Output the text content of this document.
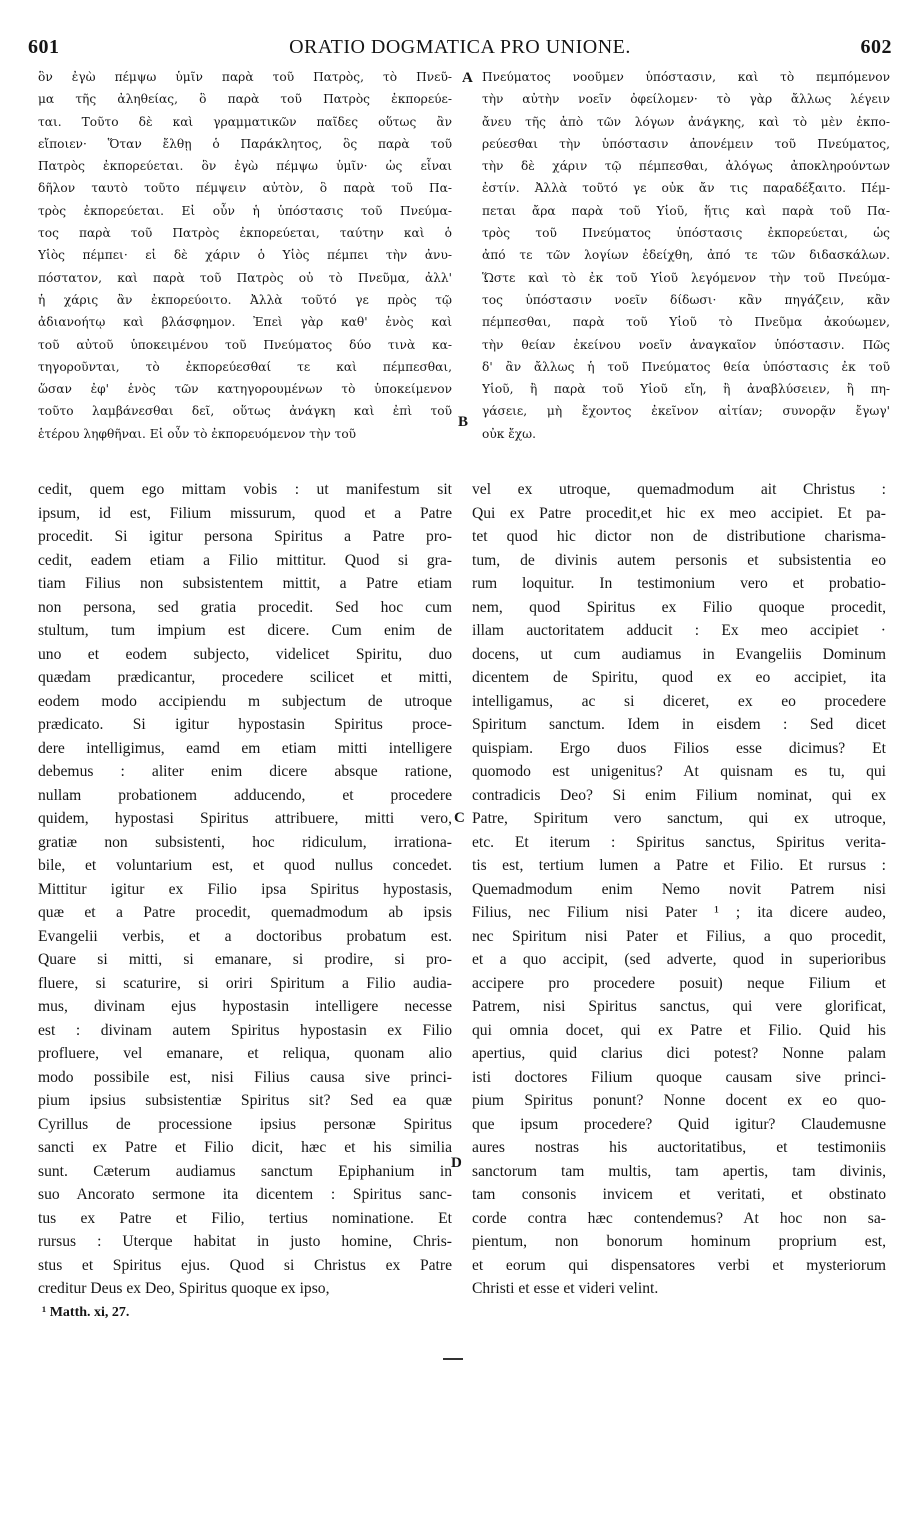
ORATIO DOGMATICA PRO UNIONE.
601	602
ὃν ἐγὼ πέμψω ὑμῖν παρὰ τοῦ Πατρὸς, τὸ Πνεῦ-
μα τῆς ἀληθείας, ὃ παρὰ τοῦ Πατρὸς ἐκπορεύε-
ται. Τοῦτο δὲ καὶ γραμματικῶν παῖδες οὕτως ἂν
εἴποιεν· Ὅταν ἔλθῃ ὁ Παράκλητος, ὃς παρὰ τοῦ
Πατρὸς ἐκπορεύεται. ὃν ἐγὼ πέμψω ὑμῖν· ὡς εἶναι
δῆλον ταυτὸ τοῦτο πέμψειν αὐτὸν, ὃ παρὰ τοῦ Πα-
τρὸς ἐκπορεύεται. Εἰ οὖν ἡ ὑπόστασις τοῦ Πνεύμα-
τος παρὰ τοῦ Πατρὸς ἐκπορεύεται, ταύτην καὶ ὁ
Υἱὸς πέμπει· εἰ δὲ χάριν ὁ Υἱὸς πέμπει τὴν ἀνυ-
πόστατον, καὶ παρὰ τοῦ Πατρὸς οὐ τὸ Πνεῦμα, ἀλλ'
ἡ χάρις ἂν ἐκπορεύοιτο. Ἀλλὰ τοῦτό γε πρὸς τῷ
ἀδιανοήτῳ καὶ βλάσφημον. Ἐπεὶ γὰρ καθ' ἑνὸς καὶ
τοῦ αὐτοῦ ὑποκειμένου τοῦ Πνεύματος δύο τινὰ κα-
τηγοροῦνται, τὸ ἐκπορεύεσθαί τε καὶ πέμπεσθαι,
ὥσαν ἐφ' ἑνὸς τῶν κατηγορουμένων τὸ ὑποκείμενον
τοῦτο λαμβάνεσθαι δεῖ, οὕτως ἀνάγκη καὶ ἐπὶ τοῦ
ἑτέρου ληφθῆναι. Εἰ οὖν τὸ ἐκπορευόμενον τὴν τοῦ
Πνεύματος νοοῦμεν ὑπόστασιν, καὶ τὸ πεμπόμενον
τὴν αὐτὴν νοεῖν ὀφείλομεν· τὸ γὰρ ἄλλως λέγειν
ἄνευ τῆς ἀπὸ τῶν λόγων ἀνάγκης, καὶ τὸ μὲν ἐκπο-
ρεύεσθαι τὴν ὑπόστασιν ἀπονέμειν τοῦ Πνεύματος,
τὴν δὲ χάριν τῷ πέμπεσθαι, ἀλόγως ἀποκληρούντων
ἐστίν. Ἀλλὰ τοῦτό γε οὐκ ἄν τις παραδέξαιτο. Πέμ-
πεται ἄρα παρὰ τοῦ Υἱοῦ, ἥτις καὶ παρὰ τοῦ Πα-
τρὸς τοῦ Πνεύματος ὑπόστασις ἐκπορεύεται, ὡς
ἀπό τε τῶν λογίων ἐδείχθη, ἀπό τε τῶν διδασκάλων.
Ὥστε καὶ τὸ ἐκ τοῦ Υἱοῦ λεγόμενον τὴν τοῦ Πνεύμα-
τος ὑπόστασιν νοεῖν δίδωσι· κἂν πηγάζειν, κἂν
πέμπεσθαι, παρὰ τοῦ Υἱοῦ τὸ Πνεῦμα ἀκούωμεν,
τὴν θείαν ἐκείνου νοεῖν ἀναγκαῖον ὑπόστασιν. Πῶς
δ' ἂν ἄλλως ἡ τοῦ Πνεύματος θεία ὑπόστασις ἐκ τοῦ
Υἱοῦ, ἢ παρὰ τοῦ Υἱοῦ εἴη, ἢ ἀναβλύσειεν, ἢ πη-
γάσειε, μὴ ἔχοντος ἐκεῖνον αἰτίαν; συνορᾷν ἔγωγ'
οὐκ ἔχω.
cedit, quem ego mittam vobis : ut manifestum sit
ipsum, id est, Filium missurum, quod et a Patre
procedit. Si igitur persona Spiritus a Patre pro-
cedit, eadem etiam a Filio mittitur. Quod si gra-
tiam Filius non subsistentem mittit, a Patre etiam
non persona, sed gratia procedit. Sed hoc cum
stultum, tum impium est dicere. Cum enim de
uno et eodem subjecto, videlicet Spiritu, duo
quædam prædicantur, procedere scilicet et mitti,
eodem modo accipiendu m subjectum de utroque
prædicato. Si igitur hypostasin Spiritus proce-
dere intelligimus, eamd em etiam mitti intelligere
debemus : aliter enim dicere absque ratione,
nullam probationem adducendo, et procedere
quidem, hypostasi Spiritus attribuere, mitti vero,
gratiæ non subsistenti, hoc ridiculum, irrationa-
bile, et voluntarium est, et quod nullus concedet.
Mittitur igitur ex Filio ipsa Spiritus hypostasis,
quæ et a Patre procedit, quemadmodum ab ipsis
Evangelii verbis, et a doctoribus probatum est.
Quare si mitti, si emanare, si prodire, si pro-
fluere, si scaturire, si oriri Spiritum a Filio audia-
mus, divinam ejus hypostasin intelligere necesse
est : divinam autem Spiritus hypostasin ex Filio
profluere, vel emanare, et reliqua, quonam alio
modo possibile est, nisi Filius causa sive princi-
pium ipsius subsistentiæ Spiritus sit? Sed ea quæ
Cyrillus de processione ipsius personæ Spiritus
sancti ex Patre et Filio dicit, hæc et his similia
sunt. Cæterum audiamus sanctum Epiphanium in
suo Ancorato sermone ita dicentem : Spiritus sanc-
tus ex Patre et Filio, tertius nominatione. Et
rursus : Uterque habitat in justo homine, Chris-
stus et Spiritus ejus. Quod si Christus ex Patre
creditur Deus ex Deo, Spiritus quoque ex ipso,
vel ex utroque, quemadmodum ait Christus :
Qui ex Patre procedit,et hic ex meo accipiet. Et pa-
tet quod hic dictor non de distributione charisma-
tum, de divinis autem personis et subsistentia eo
rum loquitur. In testimonium vero et probatio-
nem, quod Spiritus ex Filio quoque procedit,
illam auctoritatem adducit : Ex meo accipiet ·
docens, ut cum audiamus in Evangeliis Dominum
dicentem de Spiritu, quod ex eo accipiet, ita
intelligamus, ac si diceret, ex eo procedere
Spiritum sanctum. Idem in eisdem : Sed dicet
quispiam. Ergo duos Filios esse dicimus? Et
quomodo est unigenitus? At quisnam es tu, qui
contradicis Deo? Si enim Filium nominat, qui ex
Patre, Spiritum vero sanctum, qui ex utroque,
etc. Et iterum : Spiritus sanctus, Spiritus verita-
tis est, tertium lumen a Patre et Filio. Et rursus :
Quemadmodum enim Nemo novit Patrem nisi
Filius, nec Filium nisi Pater ¹ ; ita dicere audeo,
nec Spiritum nisi Pater et Filius, a quo procedit,
et a quo accipit, (sed adverte, quod in superioribus
accipere pro procedere posuit) neque Filium et
Patrem, nisi Spiritus sanctus, qui vere glorificat,
qui omnia docet, qui ex Patre et Filio. Quid his
apertius, quid clarius dici potest? Nonne palam
isti doctores Filium quoque causam sive princi-
pium Spiritus ponunt? Nonne docent ex eo quo-
que ipsum procedere? Quid igitur? Claudemusne
aures nostras his auctoritatibus, et testimoniis
sanctorum tam multis, tam apertis, tam divinis,
tam consonis invicem et veritati, et obstinato
corde contra hæc contendemus? At hoc non sa-
pientum, non bonorum hominum proprium est,
et eorum qui dispensatores verbi et mysteriorum
Christi et esse et videri velint.
A
B
C
D
¹ Matth. xi, 27.
